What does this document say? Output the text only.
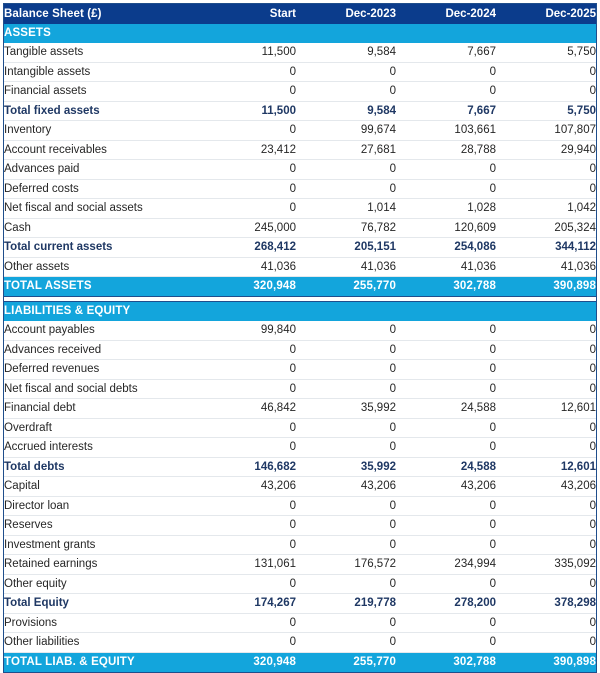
Balance Sheet (£)	Start	Dec-2023	Dec-2024	Dec-2025
ASSETS				
Tangible assets	11,500	9,584	7,667	5,750
Intangible assets	0	0	0	0
Financial assets	0	0	0	0
Total fixed assets	11,500	9,584	7,667	5,750
Inventory	0	99,674	103,661	107,807
Account receivables	23,412	27,681	28,788	29,940
Advances paid	0	0	0	0
Deferred costs	0	0	0	0
Net fiscal and social assets	0	1,014	1,028	1,042
Cash	245,000	76,782	120,609	205,324
Total current assets	268,412	205,151	254,086	344,112
Other assets	41,036	41,036	41,036	41,036
TOTAL ASSETS	320,948	255,770	302,788	390,898

LIABILITIES & EQUITY				
Account payables	99,840	0	0	0
Advances received	0	0	0	0
Deferred revenues	0	0	0	0
Net fiscal and social debts	0	0	0	0
Financial debt	46,842	35,992	24,588	12,601
Overdraft	0	0	0	0
Accrued interests	0	0	0	0
Total debts	146,682	35,992	24,588	12,601
Capital	43,206	43,206	43,206	43,206
Director loan	0	0	0	0
Reserves	0	0	0	0
Investment grants	0	0	0	0
Retained earnings	131,061	176,572	234,994	335,092
Other equity	0	0	0	0
Total Equity	174,267	219,778	278,200	378,298
Provisions	0	0	0	0
Other liabilities	0	0	0	0
TOTAL LIAB. & EQUITY	320,948	255,770	302,788	390,898
